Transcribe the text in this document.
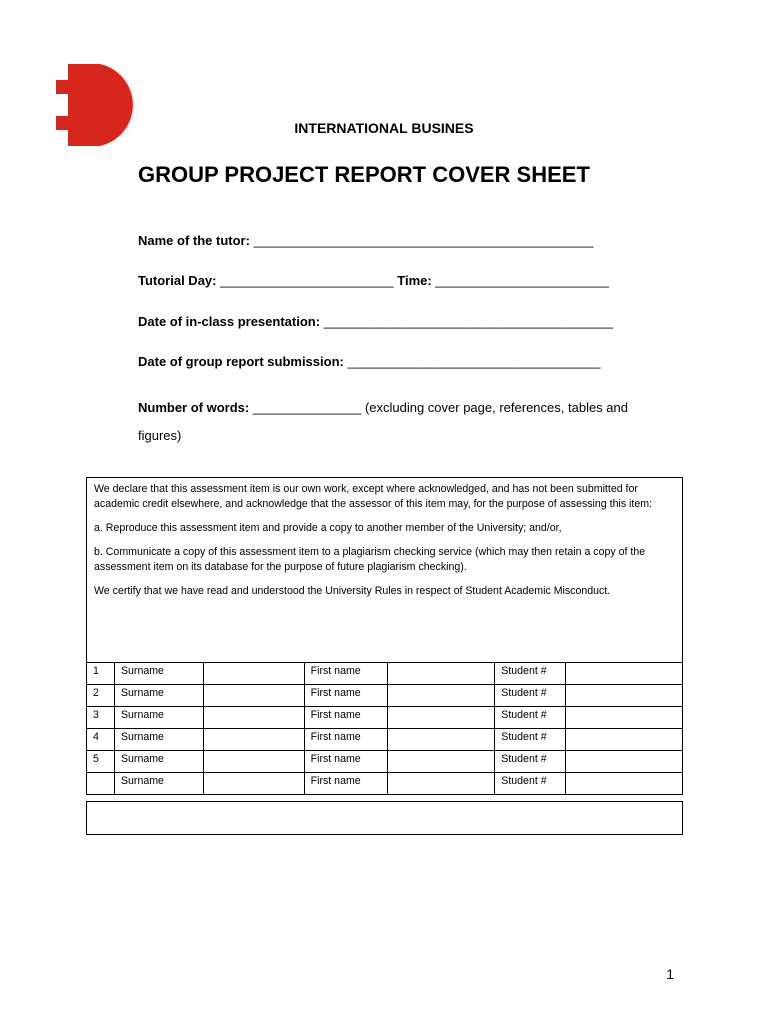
INTERNATIONAL BUSINES
GROUP PROJECT REPORT COVER SHEET
Name of the tutor: _______________________________________________
Tutorial Day: ________________________ Time: ________________________
Date of in-class presentation: ________________________________________
Date of group report submission: ___________________________________
Number of words: _______________ (excluding cover page, references, tables and
figures)

We declare that this assessment item is our own work, except where acknowledged, and has not been submitted for academic credit elsewhere, and acknowledge that the assessor of this item may, for the purpose of assessing this item:

a. Reproduce this assessment item and provide a copy to another member of the University; and/or,

b. Communicate a copy of this assessment item to a plagiarism checking service (which may then retain a copy of the assessment item on its database for the purpose of future plagiarism checking).

We certify that we have read and understood the University Rules in respect of Student Academic Misconduct.

1	Surname		First name		Student #	
2	Surname		First name		Student #	
3	Surname		First name		Student #	
4	Surname		First name		Student #	
5	Surname		First name		Student #	
	Surname		First name		Student #	
1
